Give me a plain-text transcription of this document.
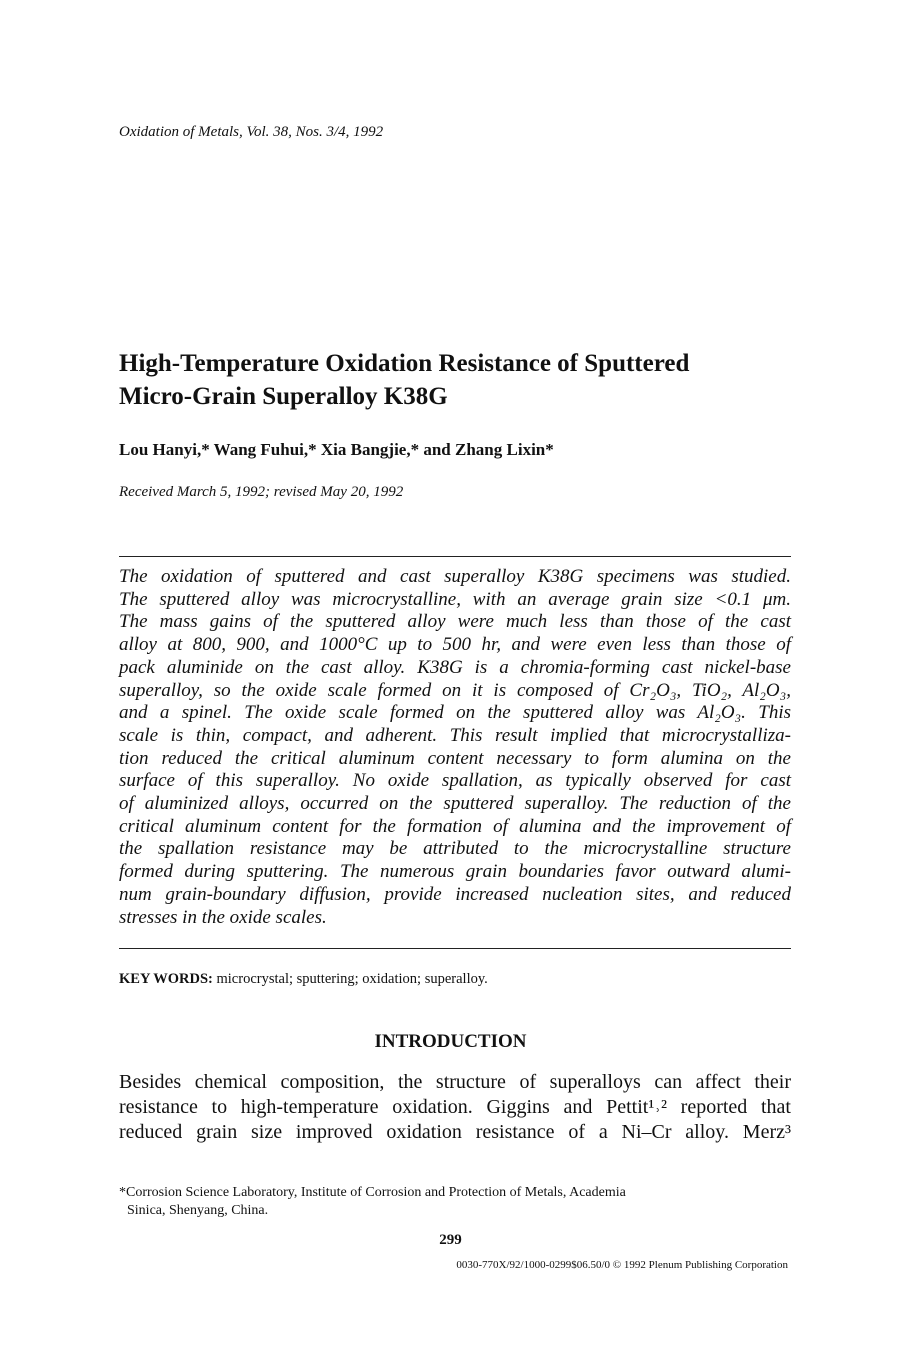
Oxidation of Metals, Vol. 38, Nos. 3/4, 1992
High-Temperature Oxidation Resistance of Sputtered
Micro-Grain Superalloy K38G
Lou Hanyi,* Wang Fuhui,* Xia Bangjie,* and Zhang Lixin*
Received March 5, 1992; revised May 20, 1992
The oxidation of sputtered and cast superalloy K38G specimens was studied.
The sputtered alloy was microcrystalline, with an average grain size <0.1 μm.
The mass gains of the sputtered alloy were much less than those of the cast
alloy at 800, 900, and 1000°C up to 500 hr, and were even less than those of
pack aluminide on the cast alloy. K38G is a chromia-forming cast nickel-base
superalloy, so the oxide scale formed on it is composed of Cr₂O₃, TiO₂, Al₂O₃,
and a spinel. The oxide scale formed on the sputtered alloy was Al₂O₃. This
scale is thin, compact, and adherent. This result implied that microcrystalliza-
tion reduced the critical aluminum content necessary to form alumina on the
surface of this superalloy. No oxide spallation, as typically observed for cast
of aluminized alloys, occurred on the sputtered superalloy. The reduction of the
critical aluminum content for the formation of alumina and the improvement of
the spallation resistance may be attributed to the microcrystalline structure
formed during sputtering. The numerous grain boundaries favor outward alumi-
num grain-boundary diffusion, provide increased nucleation sites, and reduced
stresses in the oxide scales.
KEY WORDS: microcrystal; sputtering; oxidation; superalloy.
INTRODUCTION
Besides chemical composition, the structure of superalloys can affect their
resistance to high-temperature oxidation. Giggins and Pettit¹˒² reported that
reduced grain size improved oxidation resistance of a Ni–Cr alloy. Merz³
*Corrosion Science Laboratory, Institute of Corrosion and Protection of Metals, Academia
Sinica, Shenyang, China.
299
0030-770X/92/1000-0299$06.50/0 © 1992 Plenum Publishing Corporation
